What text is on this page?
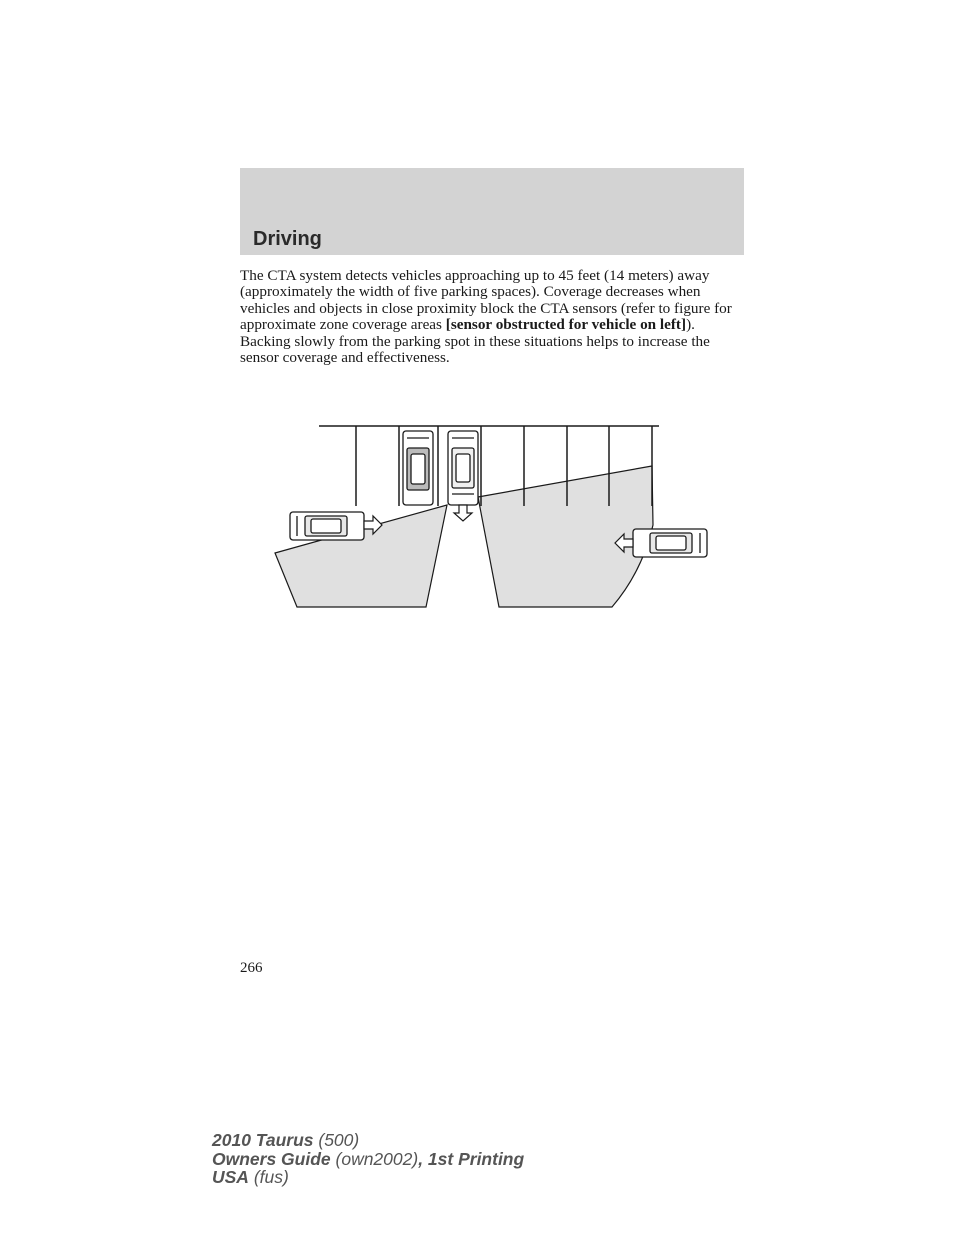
Driving

The CTA system detects vehicles approaching up to 45 feet (14 meters) away (approximately the width of five parking spaces). Coverage decreases when vehicles and objects in close proximity block the CTA sensors (refer to figure for approximate zone coverage areas [sensor obstructed for vehicle on left]). Backing slowly from the parking spot in these situations helps to increase the sensor coverage and effectiveness.

266
2010 Taurus (500)
Owners Guide (own2002), 1st Printing
USA (fus)
